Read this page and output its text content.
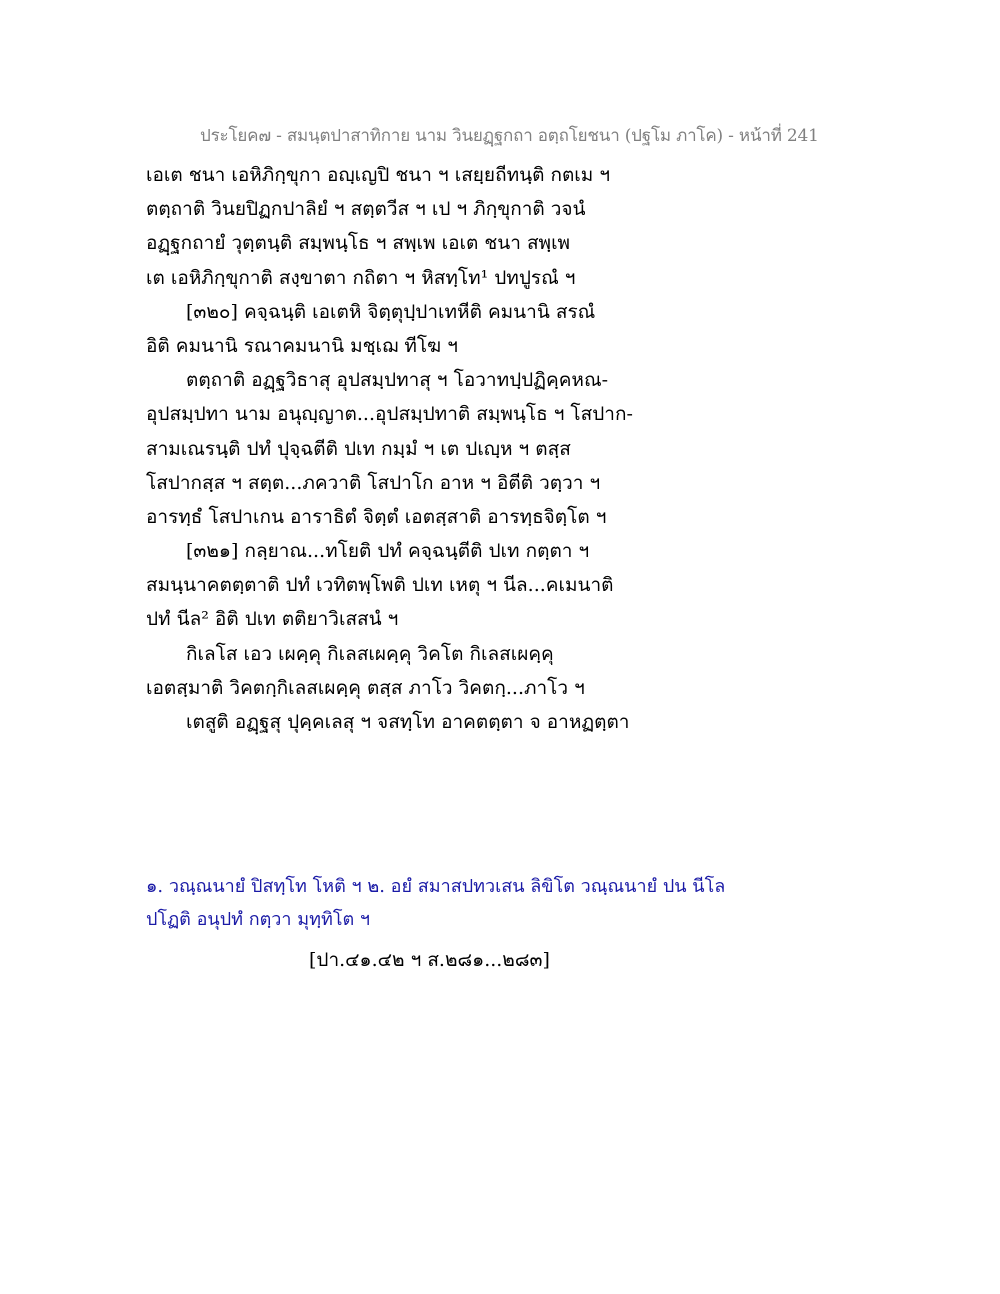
ประโยค๗ - สมนฺตปาสาทิกาย นาม วินยฏฺฐกถา อตฺถโยชนา (ปฐโม ภาโค) - หน้าที่ 241
เอเต ชนา เอหิภิกฺขุกา อญฺเญปิ ชนา ฯ เสยฺยถีทนฺติ กตเม ฯ
ตตฺถาติ วินยปิฏกปาลิยํ ฯ สตฺตวีส ฯ เป ฯ ภิกฺขุกาติ วจนํ
อฏฺฐกถายํ วุตฺตนฺติ สมฺพนฺโธ ฯ สพฺเพ เอเต ชนา สพฺเพ
เต เอหิภิกฺขุกาติ สงฺขาตา กถิตา ฯ หิสทฺโท¹ ปทปูรณํ ฯ
[๓๒๐] คจฺฉนฺติ เอเตหิ จิตฺตุปฺปาเทหีติ คมนานิ สรณํ
อิติ คมนานิ รณาคมนานิ มชฺเฌ ทีโฆ ฯ
ตตฺถาติ อฏฺฐวิธาสุ อุปสมฺปทาสุ ฯ โอวาทปฺปฏิคฺคหณ-
อุปสมฺปทา นาม อนุญฺญาต...อุปสมฺปทาติ สมฺพนฺโธ ฯ โสปาก-
สามเณรนฺติ ปทํ ปุจฺฉตีติ ปเท กมฺมํ ฯ เต ปเญฺห ฯ ตสฺส
โสปากสฺส ฯ สตฺต...ภควาติ โสปาโก อาห ฯ อิตีติ วตฺวา ฯ
อารทฺธํ โสปาเกน อาราธิตํ จิตฺตํ เอตสฺสาติ อารทฺธจิตฺโต ฯ
[๓๒๑] กลฺยาณ...ทโยติ ปทํ คจฺฉนฺตีติ ปเท กตฺตา ฯ
สมนฺนาคตตฺตาติ ปทํ เวทิตพฺโพติ ปเท เหตุ ฯ นีล...คเมนาติ
ปทํ นีล² อิติ ปเท ตติยาวิเสสนํ ฯ
กิเลโส เอว เผคฺคุ กิเลสเผคฺคุ วิคโต กิเลสเผคฺคุ
เอตสฺมาติ วิคตกฺกิเลสเผคฺคุ ตสฺส ภาโว วิคตกฺ...ภาโว ฯ
เตสูติ อฏฺฐสุ ปุคฺคเลสุ ฯ จสทฺโท อาคตตฺตา จ อาหฏตฺตา
๑. วณฺณนายํ ปิสทฺโท โหติ ฯ ๒. อยํ สมาสปทวเสน ลิขิโต วณฺณนายํ ปน นีโล
ปโฏติ อนุปทํ กตฺวา มุทฺทิโต ฯ
[ปา.๔๑.๔๒ ฯ ส.๒๘๑...๒๘๓]
